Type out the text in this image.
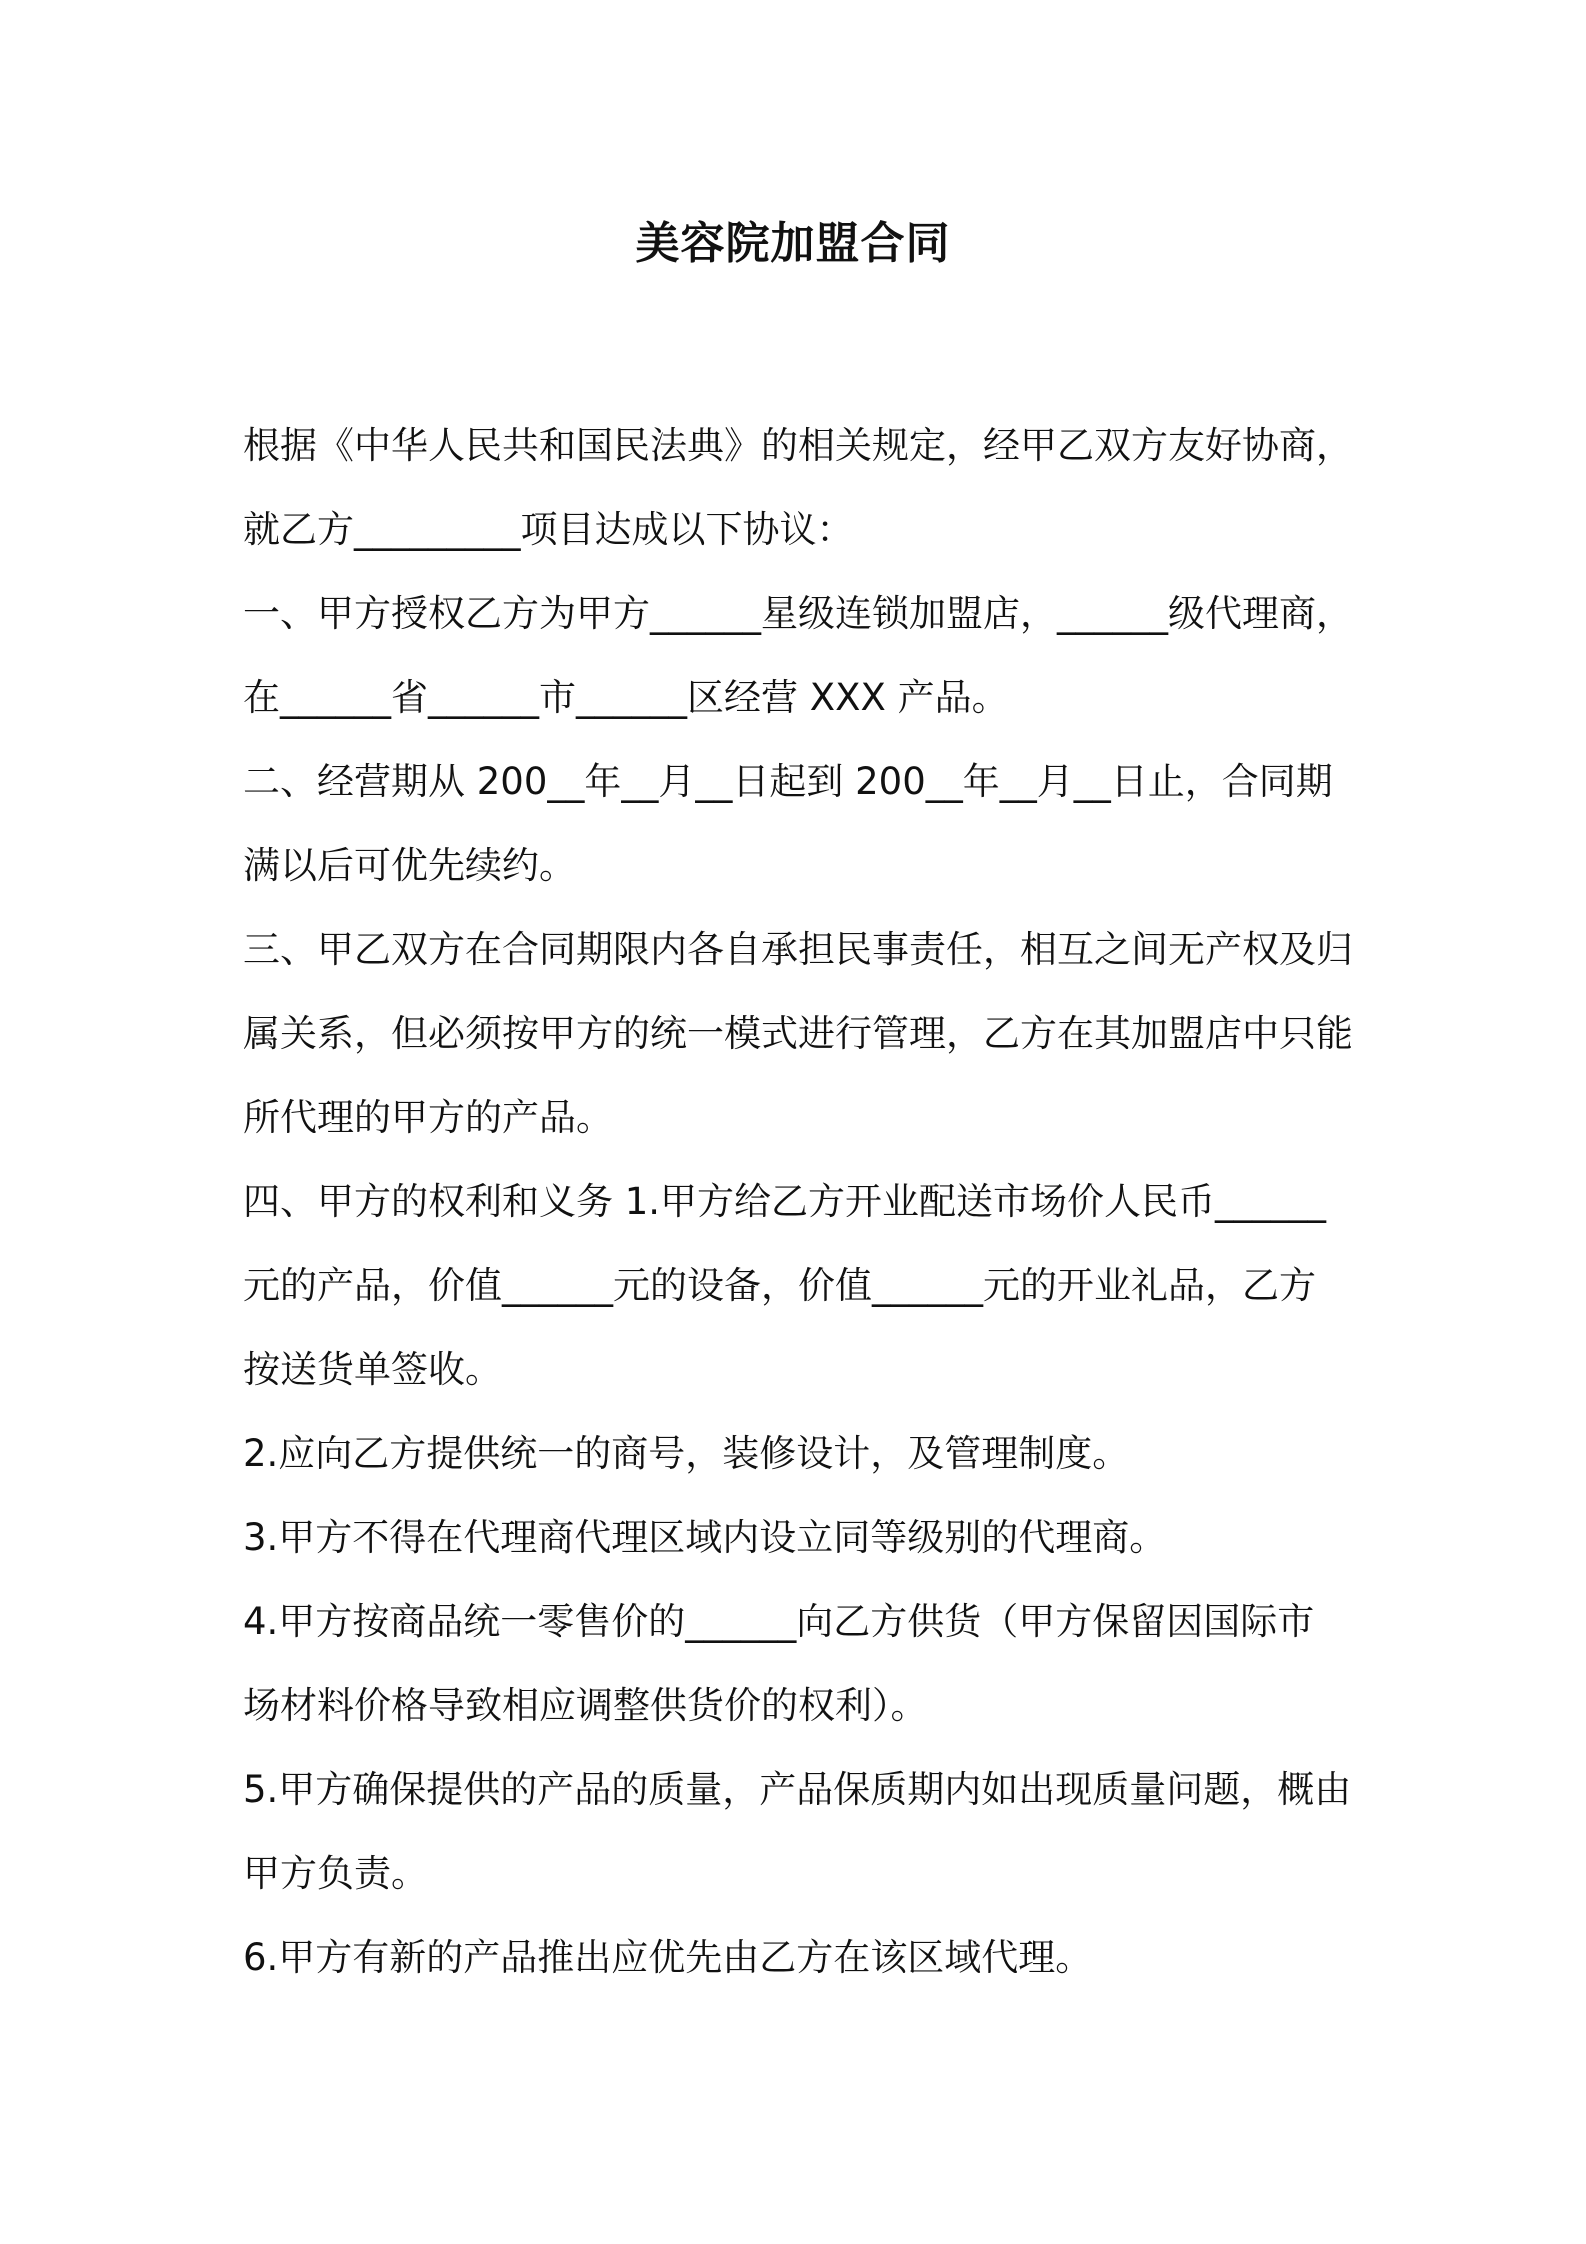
美容院加盟合同
根据《中华人民共和国民法典》的相关规定，经甲乙双方友好协商，
就乙方_________项目达成以下协议：
一、甲方授权乙方为甲方______星级连锁加盟店，______级代理商，
在______省______市______区经营 XXX 产品。
二、经营期从 200__年__月__日起到 200__年__月__日止，合同期
满以后可优先续约。
三、甲乙双方在合同期限内各自承担民事责任，相互之间无产权及归
属关系，但必须按甲方的统一模式进行管理，乙方在其加盟店中只能
所代理的甲方的产品。
四、甲方的权利和义务 1.甲方给乙方开业配送市场价人民币______
元的产品，价值______元的设备，价值______元的开业礼品，乙方
按送货单签收。
2.应向乙方提供统一的商号，装修设计，及管理制度。
3.甲方不得在代理商代理区域内设立同等级别的代理商。
4.甲方按商品统一零售价的______向乙方供货（甲方保留因国际市
场材料价格导致相应调整供货价的权利）。
5.甲方确保提供的产品的质量，产品保质期内如出现质量问题，概由
甲方负责。
6.甲方有新的产品推出应优先由乙方在该区域代理。
